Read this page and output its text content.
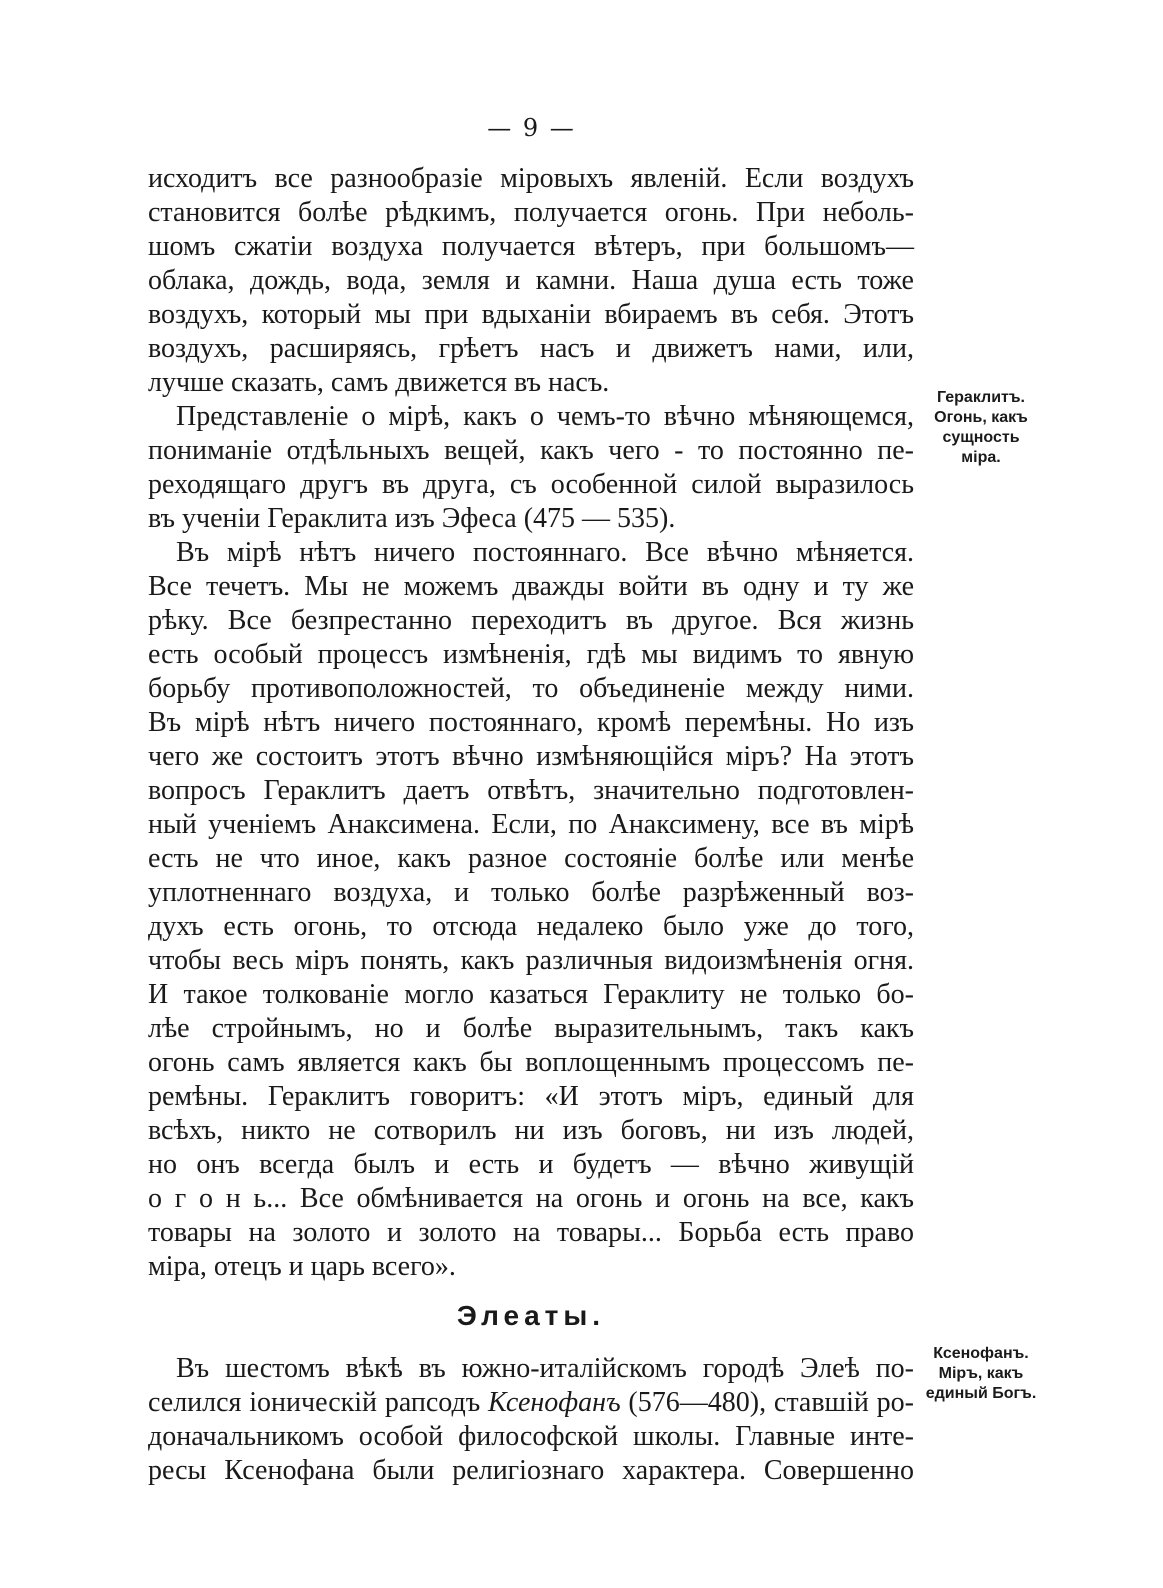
— 9 —
исходитъ все разнообразіе міровыхъ явленій. Если воздухъ
становится болѣе рѣдкимъ, получается огонь. При неболь-
шомъ сжатіи воздуха получается вѣтеръ, при большомъ—
облака, дождь, вода, земля и камни. Наша душа есть тоже
воздухъ, который мы при вдыханіи вбираемъ въ себя. Этотъ
воздухъ, расширяясь, грѣетъ насъ и движетъ нами, или,
лучше сказать, самъ движется въ насъ.
Представленіе о мірѣ, какъ о чемъ-то вѣчно мѣняющемся,
пониманіе отдѣльныхъ вещей, какъ чего - то постоянно пе-
реходящаго другъ въ друга, съ особенной силой выразилось
въ ученіи Гераклита изъ Эфеса (475 — 535).
Въ мірѣ нѣтъ ничего постояннаго. Все вѣчно мѣняется.
Все течетъ. Мы не можемъ дважды войти въ одну и ту же
рѣку. Все безпрестанно переходитъ въ другое. Вся жизнь
есть особый процессъ измѣненія, гдѣ мы видимъ то явную
борьбу противоположностей, то объединеніе между ними.
Въ мірѣ нѣтъ ничего постояннаго, кромѣ перемѣны. Но изъ
чего же состоитъ этотъ вѣчно измѣняющійся міръ? На этотъ
вопросъ Гераклитъ даетъ отвѣтъ, значительно подготовлен-
ный ученіемъ Анаксимена. Если, по Анаксимену, все въ мірѣ
есть не что иное, какъ разное состояніе болѣе или менѣе
уплотненнаго воздуха, и только болѣе разрѣженный воз-
духъ есть огонь, то отсюда недалеко было уже до того,
чтобы весь міръ понять, какъ различныя видоизмѣненія огня.
И такое толкованіе могло казаться Гераклиту не только бо-
лѣе стройнымъ, но и болѣе выразительнымъ, такъ какъ
огонь самъ является какъ бы воплощеннымъ процессомъ пе-
ремѣны. Гераклитъ говоритъ: «И этотъ міръ, единый для
всѣхъ, никто не сотворилъ ни изъ боговъ, ни изъ людей,
но онъ всегда былъ и есть и будетъ — вѣчно живущій
о г о н ь... Все обмѣнивается на огонь и огонь на все, какъ
товары на золото и золото на товары... Борьба есть право
міра, отецъ и царь всего».
Элеаты.
Въ шестомъ вѣкѣ въ южно-италійскомъ городѣ Элеѣ по-
селился іоническій рапсодъ Ксенофанъ (576—480), ставшій ро-
доначальникомъ особой философской школы. Главные инте-
ресы Ксенофана были религіознаго характера. Совершенно
Гераклитъ.
Огонь, какъ
сущность
міра.
Ксенофанъ.
Міръ, какъ
единый Богъ.
